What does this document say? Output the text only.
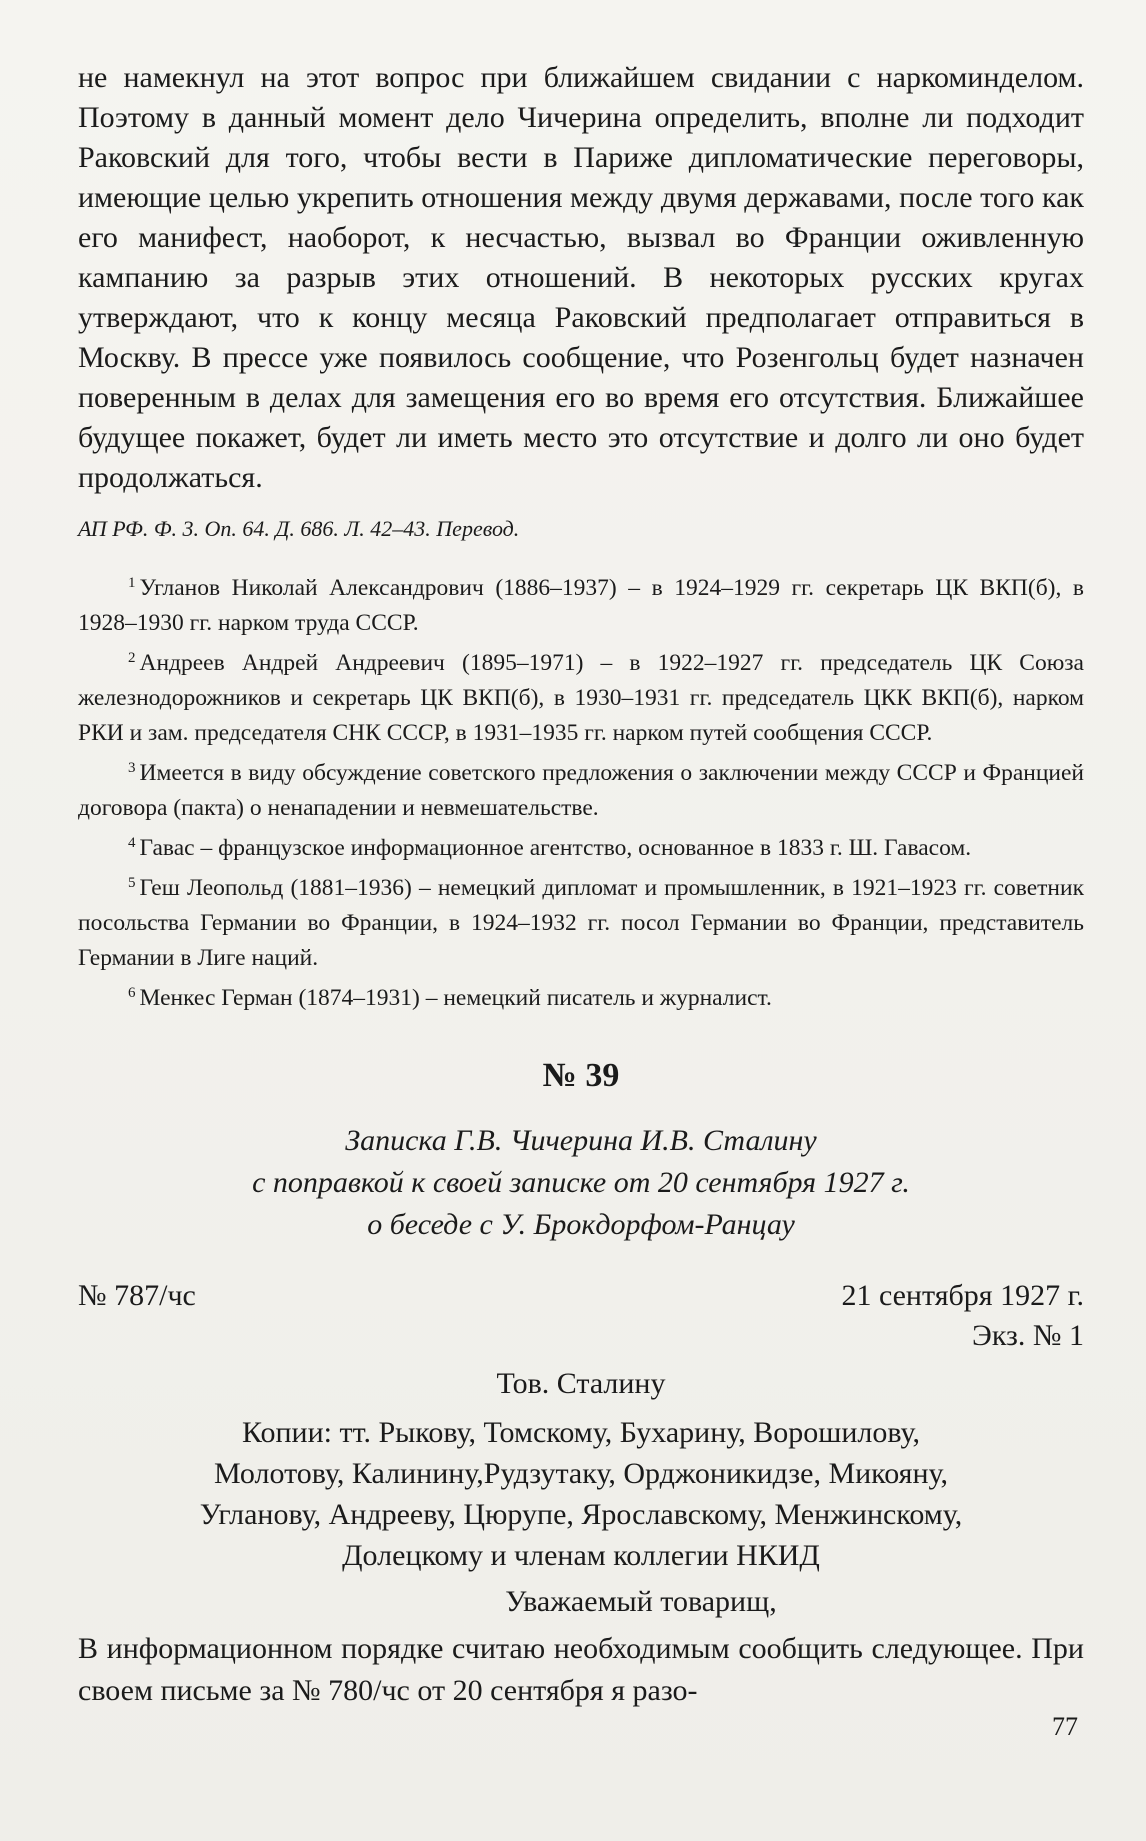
не намекнул на этот вопрос при ближайшем свидании с наркоминделом. Поэтому в данный момент дело Чичерина определить, вполне ли подходит Раковский для того, чтобы вести в Париже дипломатические переговоры, имеющие целью укрепить отношения между двумя державами, после того как его манифест, наоборот, к несчастью, вызвал во Франции оживленную кампанию за разрыв этих отношений. В некоторых русских кругах утверждают, что к концу месяца Раковский предполагает отправиться в Москву. В прессе уже появилось сообщение, что Розенгольц будет назначен поверенным в делах для замещения его во время его отсутствия. Ближайшее будущее покажет, будет ли иметь место это отсутствие и долго ли оно будет продолжаться.

АП РФ. Ф. 3. Оп. 64. Д. 686. Л. 42–43. Перевод.

$^1$ Угланов Николай Александрович (1886–1937) – в 1924–1929 гг. секретарь ЦК ВКП(б), в 1928–1930 гг. нарком труда СССР.

$^2$ Андреев Андрей Андреевич (1895–1971) – в 1922–1927 гг. председатель ЦК Союза железнодорожников и секретарь ЦК ВКП(б), в 1930–1931 гг. председатель ЦКК ВКП(б), нарком РКИ и зам. председателя СНК СССР, в 1931–1935 гг. нарком путей сообщения СССР.

$^3$ Имеется в виду обсуждение советского предложения о заключении между СССР и Францией договора (пакта) о ненападении и невмешательстве.

$^4$ Гавас – французское информационное агентство, основанное в 1833 г. Ш. Гавасом.

$^5$ Геш Леопольд (1881–1936) – немецкий дипломат и промышленник, в 1921–1923 гг. советник посольства Германии во Франции, в 1924–1932 гг. посол Германии во Франции, представитель Германии в Лиге наций.

$^6$ Менкес Герман (1874–1931) – немецкий писатель и журналист.

№ 39
Записка Г.В. Чичерина И.В. Сталину
с поправкой к своей записке от 20 сентября 1927 г.
о беседе с У. Брокдорфом-Ранцау
№ 787/чс	21 сентября 1927 г.
Экз. № 1
Тов. Сталину
Копии: тт. Рыкову, Томскому, Бухарину, Ворошилову,
Молотову, Калинину,Рудзутаку, Орджоникидзе, Микояну,
Угланову, Андрееву, Цюрупе, Ярославскому, Менжинскому,
Долецкому и членам коллегии НКИД
Уважаемый товарищ,

В информационном порядке считаю необходимым сообщить следующее. При своем письме за № 780/чс от 20 сентября я разо-

77
